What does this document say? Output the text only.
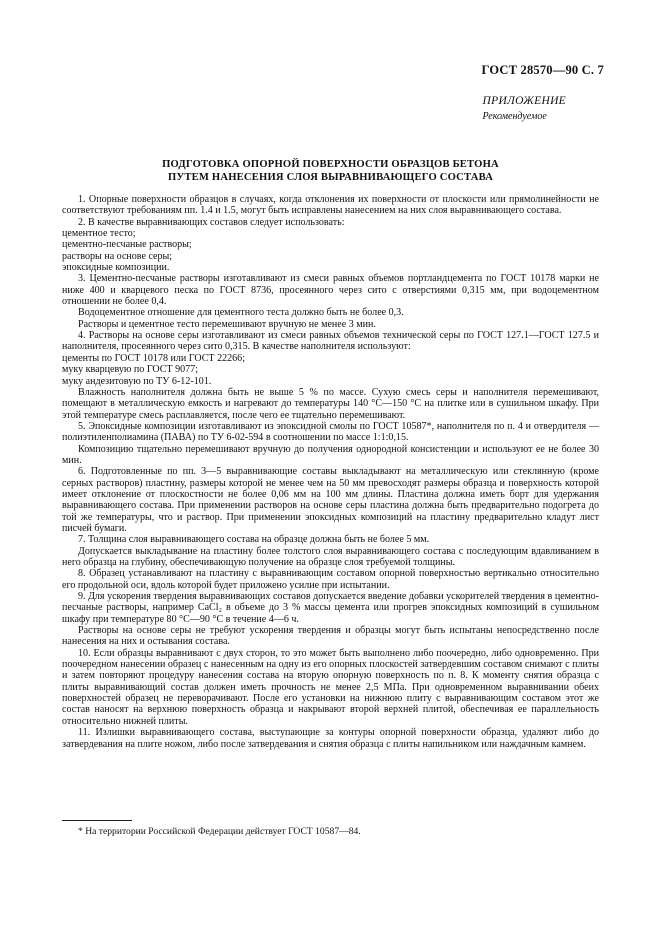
ГОСТ 28570—90 С. 7
ПРИЛОЖЕНИЕ
Рекомендуемое
ПОДГОТОВКА ОПОРНОЙ ПОВЕРХНОСТИ ОБРАЗЦОВ БЕТОНА
ПУТЕМ НАНЕСЕНИЯ СЛОЯ ВЫРАВНИВАЮЩЕГО СОСТАВА

1. Опорные поверхности образцов в случаях, когда отклонения их поверхности от плоскости или прямолинейности не соответствуют требованиям пп. 1.4 и 1.5, могут быть исправлены нанесением на них слоя выравнивающего состава.

2. В качестве выравнивающих составов следует использовать:

цементное тесто;

цементно-песчаные растворы;

растворы на основе серы;

эпоксидные композиции.

3. Цементно-песчаные растворы изготавливают из смеси равных объемов портландцемента по ГОСТ 10178 марки не ниже 400 и кварцевого песка по ГОСТ 8736, просеянного через сито с отверстиями 0,315 мм, при водоцементном отношении не более 0,4.

Водоцементное отношение для цементного теста должно быть не более 0,3.

Растворы и цементное тесто перемешивают вручную не менее 3 мин.

4. Растворы на основе серы изготавливают из смеси равных объемов технической серы по ГОСТ 127.1—ГОСТ 127.5 и наполнителя, просеянного через сито 0,315. В качестве наполнителя используют:

цементы по ГОСТ 10178 или ГОСТ 22266;

муку кварцевую по ГОСТ 9077;

муку андезитовую по ТУ 6-12-101.

Влажность наполнителя должна быть не выше 5 % по массе. Сухую смесь серы и наполнителя перемешивают, помещают в металлическую емкость и нагревают до температуры 140 °С—150 °С на плитке или в сушильном шкафу. При этой температуре смесь расплавляется, после чего ее тщательно перемешивают.

5. Эпоксидные композиции изготавливают из эпоксидной смолы по ГОСТ 10587*, наполнителя по п. 4 и отвердителя — полиэтиленполиамина (ПАВА) по ТУ 6-02-594 в соотношении по массе 1:1:0,15.

Композицию тщательно перемешивают вручную до получения однородной консистенции и используют ее не более 30 мин.

6. Подготовленные по пп. 3—5 выравнивающие составы выкладывают на металлическую или стеклянную (кроме серных растворов) пластину, размеры которой не менее чем на 50 мм превосходят размеры образца и поверхность которой имеет отклонение от плоскостности не более 0,06 мм на 100 мм длины. Пластина должна иметь борт для удержания выравнивающего состава. При применении растворов на основе серы пластина должна быть предварительно подогрета до той же температуры, что и раствор. При применении эпоксидных композиций на пластину предварительно кладут лист писчей бумаги.

7. Толщина слоя выравнивающего состава на образце должна быть не более 5 мм.

Допускается выкладывание на пластину более толстого слоя выравнивающего состава с последующим вдавливанием в него образца на глубину, обеспечивающую получение на образце слоя требуемой толщины.

8. Образец устанавливают на пластину с выравнивающим составом опорной поверхностью вертикально относительно его продольной оси, вдоль которой будет приложено усилие при испытании.

9. Для ускорения твердения выравнивающих составов допускается введение добавки ускорителей твердения в цементно-песчаные растворы, например CaCl₂ в объеме до 3 % массы цемента или прогрев эпоксидных композиций в сушильном шкафу при температуре 80 °С—90 °С в течение 4—6 ч.

Растворы на основе серы не требуют ускорения твердения и образцы могут быть испытаны непосредственно после нанесения на них и остывания состава.

10. Если образцы выравнивают с двух сторон, то это может быть выполнено либо поочередно, либо одновременно. При поочередном нанесении образец с нанесенным на одну из его опорных плоскостей затвердевшим составом снимают с плиты и затем повторяют процедуру нанесения состава на вторую опорную поверхность по п. 8. К моменту снятия образца с плиты выравнивающий состав должен иметь прочность не менее 2,5 МПа. При одновременном выравнивании обеих поверхностей образец не переворачивают. После его установки на нижнюю плиту с выравнивающим составом этот же состав наносят на верхнюю поверхность образца и накрывают второй верхней плитой, обеспечивая ее параллельность относительно нижней плиты.

11. Излишки выравнивающего состава, выступающие за контуры опорной поверхности образца, удаляют либо до затвердевания на плите ножом, либо после затвердевания и снятия образца с плиты напильником или наждачным камнем.

* На территории Российской Федерации действует ГОСТ 10587—84.
